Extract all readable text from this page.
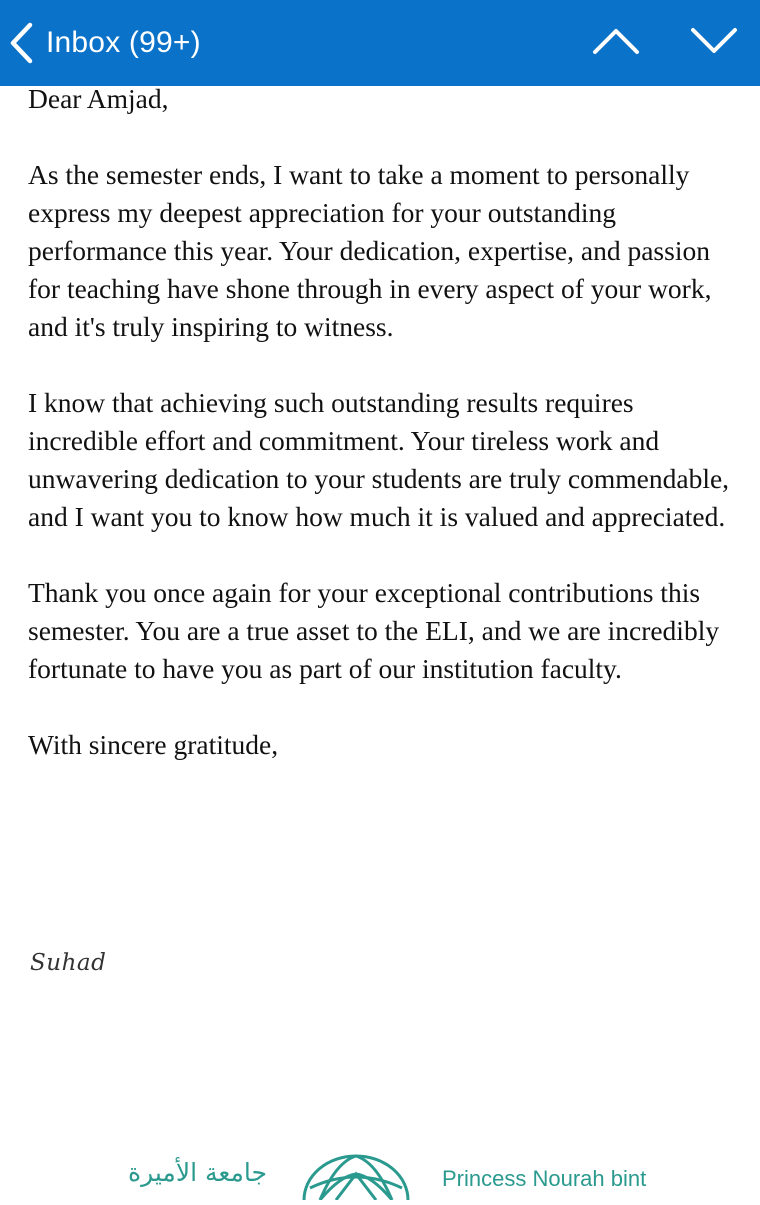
Inbox (99+)

Dear Amjad,

As the semester ends, I want to take a moment to personally express my deepest appreciation for your outstanding performance this year. Your dedication, expertise, and passion for teaching have shone through in every aspect of your work, and it's truly inspiring to witness.

I know that achieving such outstanding results requires incredible effort and commitment. Your tireless work and unwavering dedication to your students are truly commendable, and I want you to know how much it is valued and appreciated.

Thank you once again for your exceptional contributions this semester. You are a true asset to the ELI, and we are incredibly fortunate to have you as part of our institution faculty.

With sincere gratitude,

Suhad
جامعة الأميرة	Princess Nourah bint
